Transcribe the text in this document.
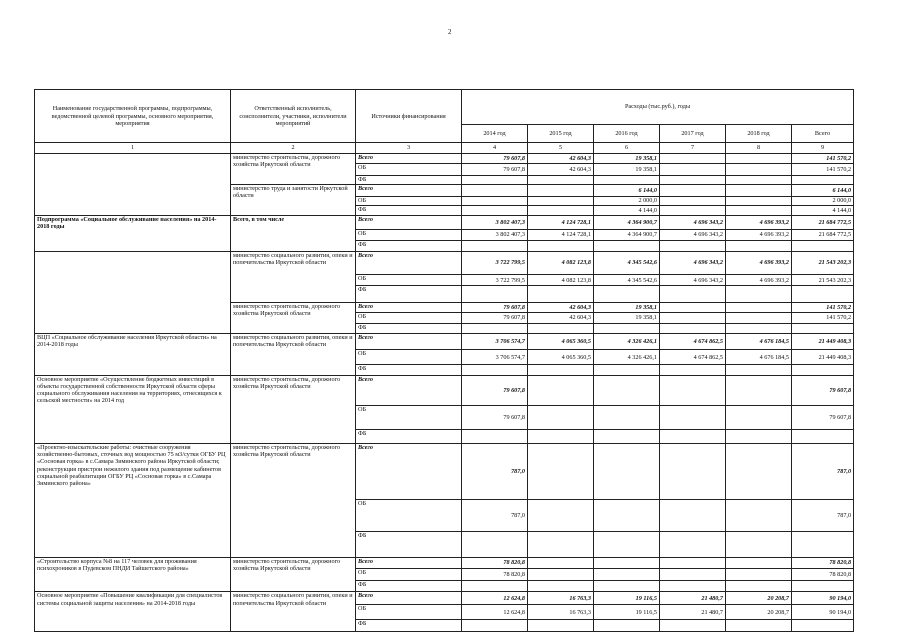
2
Наименование государственной программы, подпрограммы, ведомственной целевой программы, основного мероприятия, мероприятия	Ответственный исполнитель, соисполнители, участники, исполнители мероприятий	Источники финансирования	Расходы (тыс.руб.), годы					
			2014 год	2015 год	2016 год	2017 год	2018 год	Всего
1	2	3	4	5	6	7	8	9
	министерство строительства, дорожного хозяйства Иркутской области	Всего	79 607,8	42 604,3	19 358,1			141 570,2
		ОБ	79 607,8	42 604,3	19 358,1			141 570,2
		ФБ						
	министерство труда и занятости Иркутской области	Всего			6 144,0			6 144,0
		ОБ			2 000,0			2 000,0
		ФБ			4 144,0			4 144,0
Подпрограмма «Социальное обслуживание населения» на 2014-2018 годы	Всего, в том числе	Всего	3 802 407,3	4 124 728,1	4 364 900,7	4 696 343,2	4 696 393,2	21 684 772,5
		ОБ	3 802 407,3	4 124 728,1	4 364 900,7	4 696 343,2	4 696 393,2	21 684 772,5
		ФБ						
	министерство социального развития, опеки и попечительства Иркутской области	Всего	3 722 799,5	4 082 123,8	4 345 542,6	4 696 343,2	4 696 393,2	21 543 202,3
		ОБ	3 722 799,5	4 082 123,8	4 345 542,6	4 696 343,2	4 696 393,2	21 543 202,3
		ФБ						
	министерство строительства, дорожного хозяйства Иркутской области	Всего	79 607,8	42 604,3	19 358,1			141 570,2
		ОБ	79 607,8	42 604,3	19 358,1			141 570,2
		ФБ						
ВЦП «Социальное обслуживание населения Иркутской области» на 2014-2018 годы	министерство социального развития, опеки и попечительства Иркутской области	Всего	3 706 574,7	4 065 360,5	4 326 426,1	4 674 862,5	4 676 184,5	21 449 408,3
		ОБ	3 706 574,7	4 065 360,5	4 326 426,1	4 674 862,5	4 676 184,5	21 449 408,3
		ФБ						
Основное мероприятие «Осуществление бюджетных инвестиций в объекты государственной собственности Иркутской области сферы социального обслуживания населения на территориях, отнесящихся к сельской местности» на 2014 год	министерство строительства, дорожного хозяйства Иркутской области	Всего	79 607,8					79 607,8
		ОБ	79 607,8					79 607,8
		ФБ						
«Проектно-изыскательские работы: очистные сооружения хозяйственно-бытовых, сточных вод мощностью 75 м3/сутки ОГБУ РЦ «Сосновая горка» в с.Самара Зиминского района Иркутской области; реконструкция пристрои нежилого здания под размещение кабинетов социальной реабилитации ОГБУ РЦ «Сосновая горка» в с.Самара Зиминского района»	министерство строительства, дорожного хозяйства Иркутской области	Всего	787,0					787,0
		ОБ	787,0					787,0
		ФБ						
«Строительство корпуса №8 на 117 человек для проживания психохроников в Пудевском ПНДИ Тайшетского района»	министерство строительства, дорожного хозяйства Иркутской области	Всего	78 820,8					78 820,8
		ОБ	78 820,8					78 820,8
		ФБ						
Основное мероприятие «Повышение квалификации для специалистов системы социальной защиты населения» на 2014-2018 годы	министерство социального развития, опеки и попечительства Иркутской области	Всего	12 624,8	16 763,3	19 116,5	21 480,7	20 208,7	90 194,0
		ОБ	12 624,8	16 763,3	19 116,5	21 480,7	20 208,7	90 194,0
		ФБ						
